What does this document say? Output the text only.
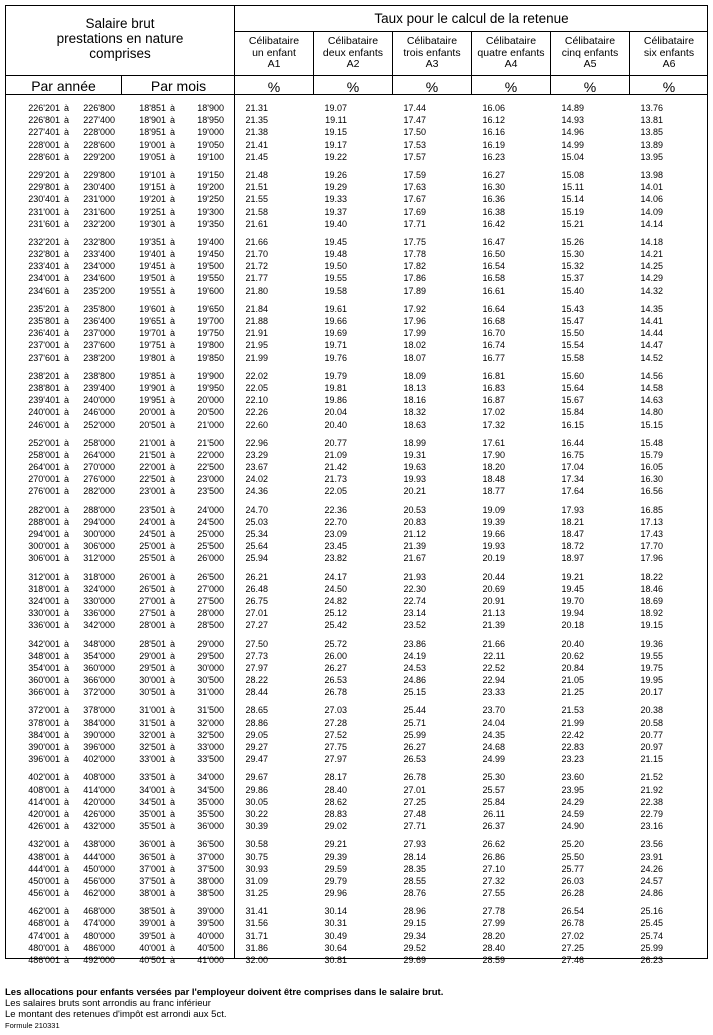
Salaire brut
prestations en nature
comprises
Taux pour le calcul de la retenue
Célibataire
un enfant
A1
Célibataire
deux enfants
A2
Célibataire
trois enfants
A3
Célibataire
quatre enfants
A4
Célibataire
cinq enfants
A5
Célibataire
six enfants
A6
Par année	Par mois	%	%	%	%	%	%
226'201 à	226'800	18'851 à	18'900	21.31	19.07	17.44	16.06	14.89	13.76
226'801 à	227'400	18'901 à	18'950	21.35	19.11	17.47	16.12	14.93	13.81
227'401 à	228'000	18'951 à	19'000	21.38	19.15	17.50	16.16	14.96	13.85
228'001 à	228'600	19'001 à	19'050	21.41	19.17	17.53	16.19	14.99	13.89
228'601 à	229'200	19'051 à	19'100	21.45	19.22	17.57	16.23	15.04	13.95
229'201 à	229'800	19'101 à	19'150	21.48	19.26	17.59	16.27	15.08	13.98
229'801 à	230'400	19'151 à	19'200	21.51	19.29	17.63	16.30	15.11	14.01
230'401 à	231'000	19'201 à	19'250	21.55	19.33	17.67	16.36	15.14	14.06
231'001 à	231'600	19'251 à	19'300	21.58	19.37	17.69	16.38	15.19	14.09
231'601 à	232'200	19'301 à	19'350	21.61	19.40	17.71	16.42	15.21	14.14
232'201 à	232'800	19'351 à	19'400	21.66	19.45	17.75	16.47	15.26	14.18
232'801 à	233'400	19'401 à	19'450	21.70	19.48	17.78	16.50	15.30	14.21
233'401 à	234'000	19'451 à	19'500	21.72	19.50	17.82	16.54	15.32	14.25
234'001 à	234'600	19'501 à	19'550	21.77	19.55	17.86	16.58	15.37	14.29
234'601 à	235'200	19'551 à	19'600	21.80	19.58	17.89	16.61	15.40	14.32
235'201 à	235'800	19'601 à	19'650	21.84	19.61	17.92	16.64	15.43	14.35
235'801 à	236'400	19'651 à	19'700	21.88	19.66	17.96	16.68	15.47	14.41
236'401 à	237'000	19'701 à	19'750	21.91	19.69	17.99	16.70	15.50	14.44
237'001 à	237'600	19'751 à	19'800	21.95	19.71	18.02	16.74	15.54	14.47
237'601 à	238'200	19'801 à	19'850	21.99	19.76	18.07	16.77	15.58	14.52
238'201 à	238'800	19'851 à	19'900	22.02	19.79	18.09	16.81	15.60	14.56
238'801 à	239'400	19'901 à	19'950	22.05	19.81	18.13	16.83	15.64	14.58
239'401 à	240'000	19'951 à	20'000	22.10	19.86	18.16	16.87	15.67	14.63
240'001 à	246'000	20'001 à	20'500	22.26	20.04	18.32	17.02	15.84	14.80
246'001 à	252'000	20'501 à	21'000	22.60	20.40	18.63	17.32	16.15	15.15
252'001 à	258'000	21'001 à	21'500	22.96	20.77	18.99	17.61	16.44	15.48
258'001 à	264'000	21'501 à	22'000	23.29	21.09	19.31	17.90	16.75	15.79
264'001 à	270'000	22'001 à	22'500	23.67	21.42	19.63	18.20	17.04	16.05
270'001 à	276'000	22'501 à	23'000	24.02	21.73	19.93	18.48	17.34	16.30
276'001 à	282'000	23'001 à	23'500	24.36	22.05	20.21	18.77	17.64	16.56
282'001 à	288'000	23'501 à	24'000	24.70	22.36	20.53	19.09	17.93	16.85
288'001 à	294'000	24'001 à	24'500	25.03	22.70	20.83	19.39	18.21	17.13
294'001 à	300'000	24'501 à	25'000	25.34	23.09	21.12	19.66	18.47	17.43
300'001 à	306'000	25'001 à	25'500	25.64	23.45	21.39	19.93	18.72	17.70
306'001 à	312'000	25'501 à	26'000	25.94	23.82	21.67	20.19	18.97	17.96
312'001 à	318'000	26'001 à	26'500	26.21	24.17	21.93	20.44	19.21	18.22
318'001 à	324'000	26'501 à	27'000	26.48	24.50	22.30	20.69	19.45	18.46
324'001 à	330'000	27'001 à	27'500	26.75	24.82	22.74	20.91	19.70	18.69
330'001 à	336'000	27'501 à	28'000	27.01	25.12	23.14	21.13	19.94	18.92
336'001 à	342'000	28'001 à	28'500	27.27	25.42	23.52	21.39	20.18	19.15
342'001 à	348'000	28'501 à	29'000	27.50	25.72	23.86	21.66	20.40	19.36
348'001 à	354'000	29'001 à	29'500	27.73	26.00	24.19	22.11	20.62	19.55
354'001 à	360'000	29'501 à	30'000	27.97	26.27	24.53	22.52	20.84	19.75
360'001 à	366'000	30'001 à	30'500	28.22	26.53	24.86	22.94	21.05	19.95
366'001 à	372'000	30'501 à	31'000	28.44	26.78	25.15	23.33	21.25	20.17
372'001 à	378'000	31'001 à	31'500	28.65	27.03	25.44	23.70	21.53	20.38
378'001 à	384'000	31'501 à	32'000	28.86	27.28	25.71	24.04	21.99	20.58
384'001 à	390'000	32'001 à	32'500	29.05	27.52	25.99	24.35	22.42	20.77
390'001 à	396'000	32'501 à	33'000	29.27	27.75	26.27	24.68	22.83	20.97
396'001 à	402'000	33'001 à	33'500	29.47	27.97	26.53	24.99	23.23	21.15
402'001 à	408'000	33'501 à	34'000	29.67	28.17	26.78	25.30	23.60	21.52
408'001 à	414'000	34'001 à	34'500	29.86	28.40	27.01	25.57	23.95	21.92
414'001 à	420'000	34'501 à	35'000	30.05	28.62	27.25	25.84	24.29	22.38
420'001 à	426'000	35'001 à	35'500	30.22	28.83	27.48	26.11	24.59	22.79
426'001 à	432'000	35'501 à	36'000	30.39	29.02	27.71	26.37	24.90	23.16
432'001 à	438'000	36'001 à	36'500	30.58	29.21	27.93	26.62	25.20	23.56
438'001 à	444'000	36'501 à	37'000	30.75	29.39	28.14	26.86	25.50	23.91
444'001 à	450'000	37'001 à	37'500	30.93	29.59	28.35	27.10	25.77	24.26
450'001 à	456'000	37'501 à	38'000	31.09	29.79	28.55	27.32	26.03	24.57
456'001 à	462'000	38'001 à	38'500	31.25	29.96	28.76	27.55	26.28	24.86
462'001 à	468'000	38'501 à	39'000	31.41	30.14	28.96	27.78	26.54	25.16
468'001 à	474'000	39'001 à	39'500	31.56	30.31	29.15	27.99	26.78	25.45
474'001 à	480'000	39'501 à	40'000	31.71	30.49	29.34	28.20	27.02	25.74
480'001 à	486'000	40'001 à	40'500	31.86	30.64	29.52	28.40	27.25	25.99
486'001 à	492'000	40'501 à	41'000	32.00	30.81	29.69	28.59	27.46	26.23
Les allocations pour enfants versées par l'employeur doivent être comprises dans le salaire brut.
Les salaires bruts sont arrondis au franc inférieur
Le montant des retenues d'impôt est arrondi aux 5ct.
Formule 210331
